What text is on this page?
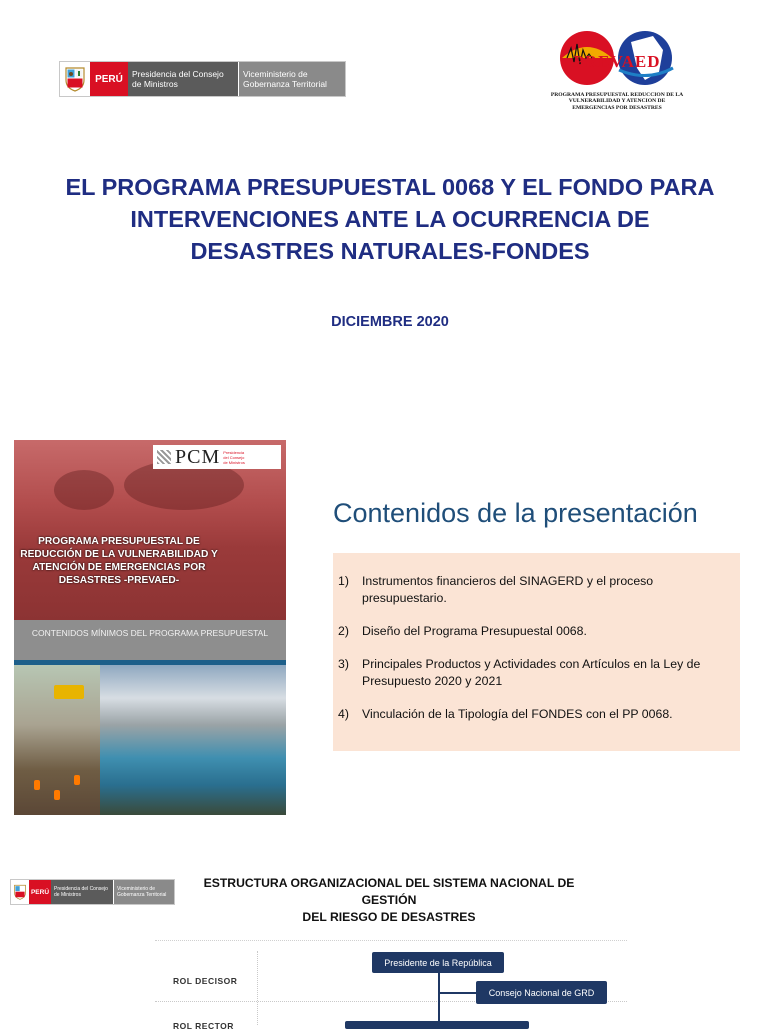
PERÚ	Presidencia del Consejo de Ministros
Viceministerio de Gobernanza Territorial
PREVAED
PROGRAMA PRESUPUESTAL REDUCCION DE LA VULNERABILIDAD Y ATENCION DE EMERGENCIAS POR DESASTRES
EL PROGRAMA PRESUPUESTAL 0068 Y EL FONDO PARA INTERVENCIONES ANTE LA OCURRENCIA DE DESASTRES NATURALES-FONDES
DICIEMBRE 2020
PCM Presidencia del Consejo de Ministros
PROGRAMA PRESUPUESTAL DE REDUCCIÓN DE LA VULNERABILIDAD Y ATENCIÓN DE EMERGENCIAS POR DESASTRES -PREVAED-
CONTENIDOS MÍNIMOS DEL PROGRAMA PRESUPUESTAL
Contenidos de la presentación
1)	Instrumentos financieros del SINAGERD y el proceso presupuestario.
2)	Diseño del Programa Presupuestal 0068.
3)	Principales Productos y Actividades con Artículos en la Ley de Presupuesto 2020 y 2021
4)	Vinculación de la Tipología del FONDES con el PP 0068.
PERÚ Presidencia del Consejo de Ministros
Viceministerio de Gobernanza Territorial
ESTRUCTURA ORGANIZACIONAL DEL SISTEMA NACIONAL DE GESTIÓN
DEL RIESGO DE DESASTRES
ROL DECISOR
ROL RECTOR
Presidente de la República
Consejo Nacional de GRD
